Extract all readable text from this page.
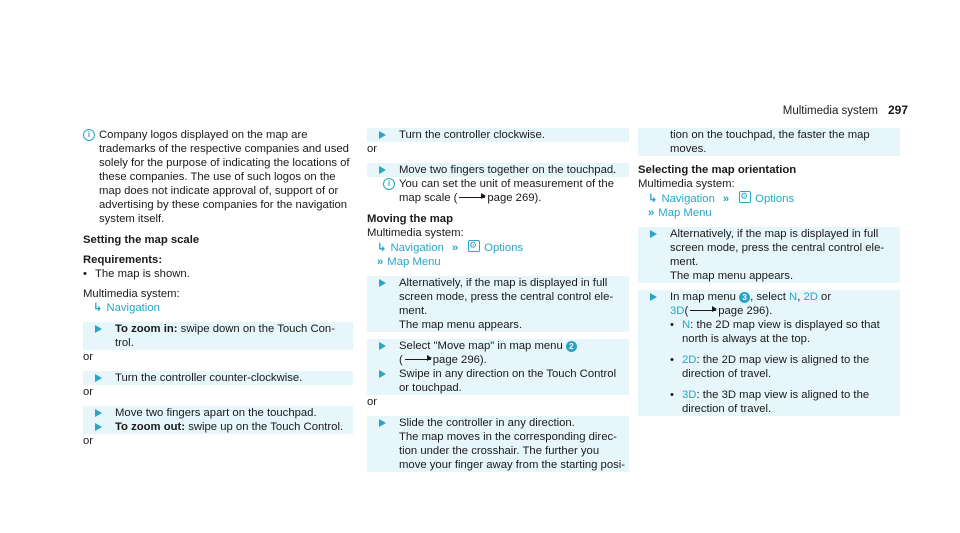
Multimedia system 297
i Company logos displayed on the map are trademarks of the respective companies and used solely for the purpose of indicating the locations of these companies. The use of such logos on the map does not indicate approval of, support of or advertising by these companies for the navigation system itself.

Setting the map scale

Requirements:

• The map is shown.

Multimedia system:

↳ Navigation

To zoom in: swipe down on the Touch Con-trol.

or

Turn the controller counter-clockwise.

or

Move two fingers apart on the touchpad.

To zoom out: swipe up on the Touch Control.

or

Turn the controller clockwise.

or

Move two fingers together on the touchpad.

i You can set the unit of measurement of the map scale (	page 269).

Moving the map

Multimedia system:

↳ Navigation » ⚙ Options

» Map Menu

Alternatively, if the map is displayed in full screen mode, press the central control ele-ment.

The map menu appears.

Select "Move map" in map menu 2

(	page 296).

Swipe in any direction on the Touch Control or touchpad.

or

Slide the controller in any direction.

The map moves in the corresponding direc-tion under the crosshair. The further you move your finger away from the starting posi-

tion on the touchpad, the faster the map moves.

Selecting the map orientation

Multimedia system:

↳ Navigation » ⚙ Options

» Map Menu

Alternatively, if the map is displayed in full screen mode, press the central control ele-ment.

The map menu appears.

In map menu 3 , select N, 2D or

3D(	page 296).

• N: the 2D map view is displayed so that north is always at the top.

• 2D: the 2D map view is aligned to the direction of travel.

• 3D: the 3D map view is aligned to the direction of travel.
